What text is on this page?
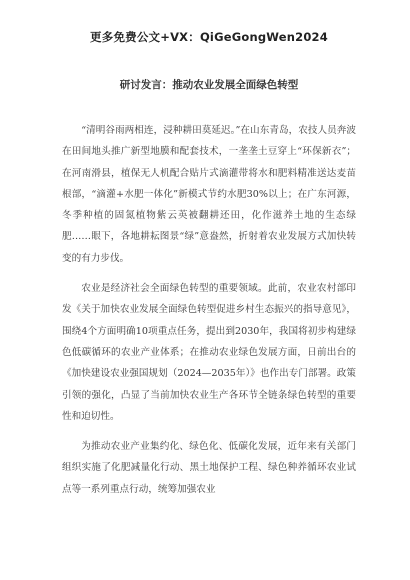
更多免费公文+VX：QiGeGongWen2024
研讨发言：推动农业发展全面绿色转型

“清明谷雨两相连，浸种耕田莫延迟。”在山东青岛，农技人员奔波在田间地头推广新型地膜和配套技术，一垄垄土豆穿上“环保新衣”；在河南滑县，植保无人机配合贴片式滴灌带将水和肥料精准送达麦苗根部，“滴灌+水肥一体化”新模式节约水肥30%以上；在广东河源，冬季种植的固氮植物紫云英被翻耕还田，化作滋养土地的生态绿肥……眼下，各地耕耘图景“绿”意盎然，折射着农业发展方式加快转变的有力步伐。

农业是经济社会全面绿色转型的重要领域。此前，农业农村部印发《关于加快农业发展全面绿色转型促进乡村生态振兴的指导意见》，围绕4个方面明确10项重点任务，提出到2030年，我国将初步构建绿色低碳循环的农业产业体系；在推动农业绿色发展方面，日前出台的《加快建设农业强国规划（2024—2035年）》也作出专门部署。政策引领的强化，凸显了当前加快农业生产各环节全链条绿色转型的重要性和迫切性。

为推动农业产业集约化、绿色化、低碳化发展，近年来有关部门组织实施了化肥减量化行动、黑土地保护工程、绿色种养循环农业试点等一系列重点行动，统筹加强农业
